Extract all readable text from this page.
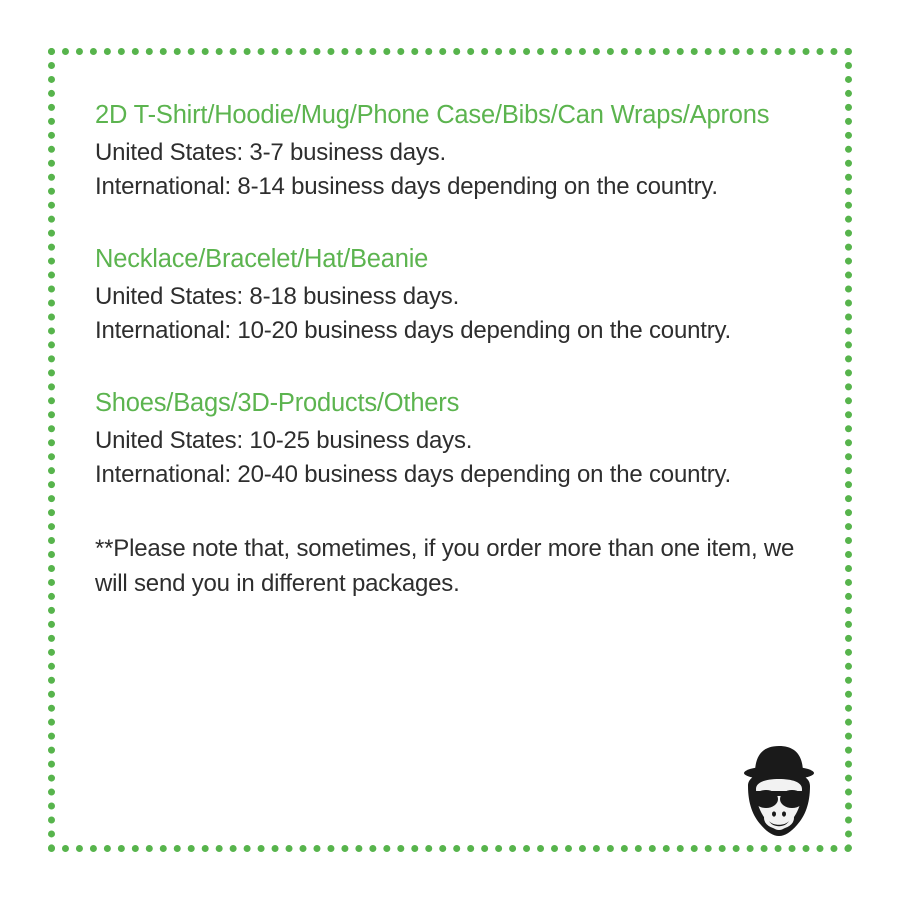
2D T-Shirt/Hoodie/Mug/Phone Case/Bibs/Can Wraps/Aprons
United States: 3-7 business days.
International: 8-14 business days depending on the country.
Necklace/Bracelet/Hat/Beanie
United States: 8-18 business days.
International: 10-20 business days depending on the country.
Shoes/Bags/3D-Products/Others
United States: 10-25 business days.
International: 20-40 business days depending on the country.
**Please note that, sometimes, if you order more than one item, we will send you in different packages.
